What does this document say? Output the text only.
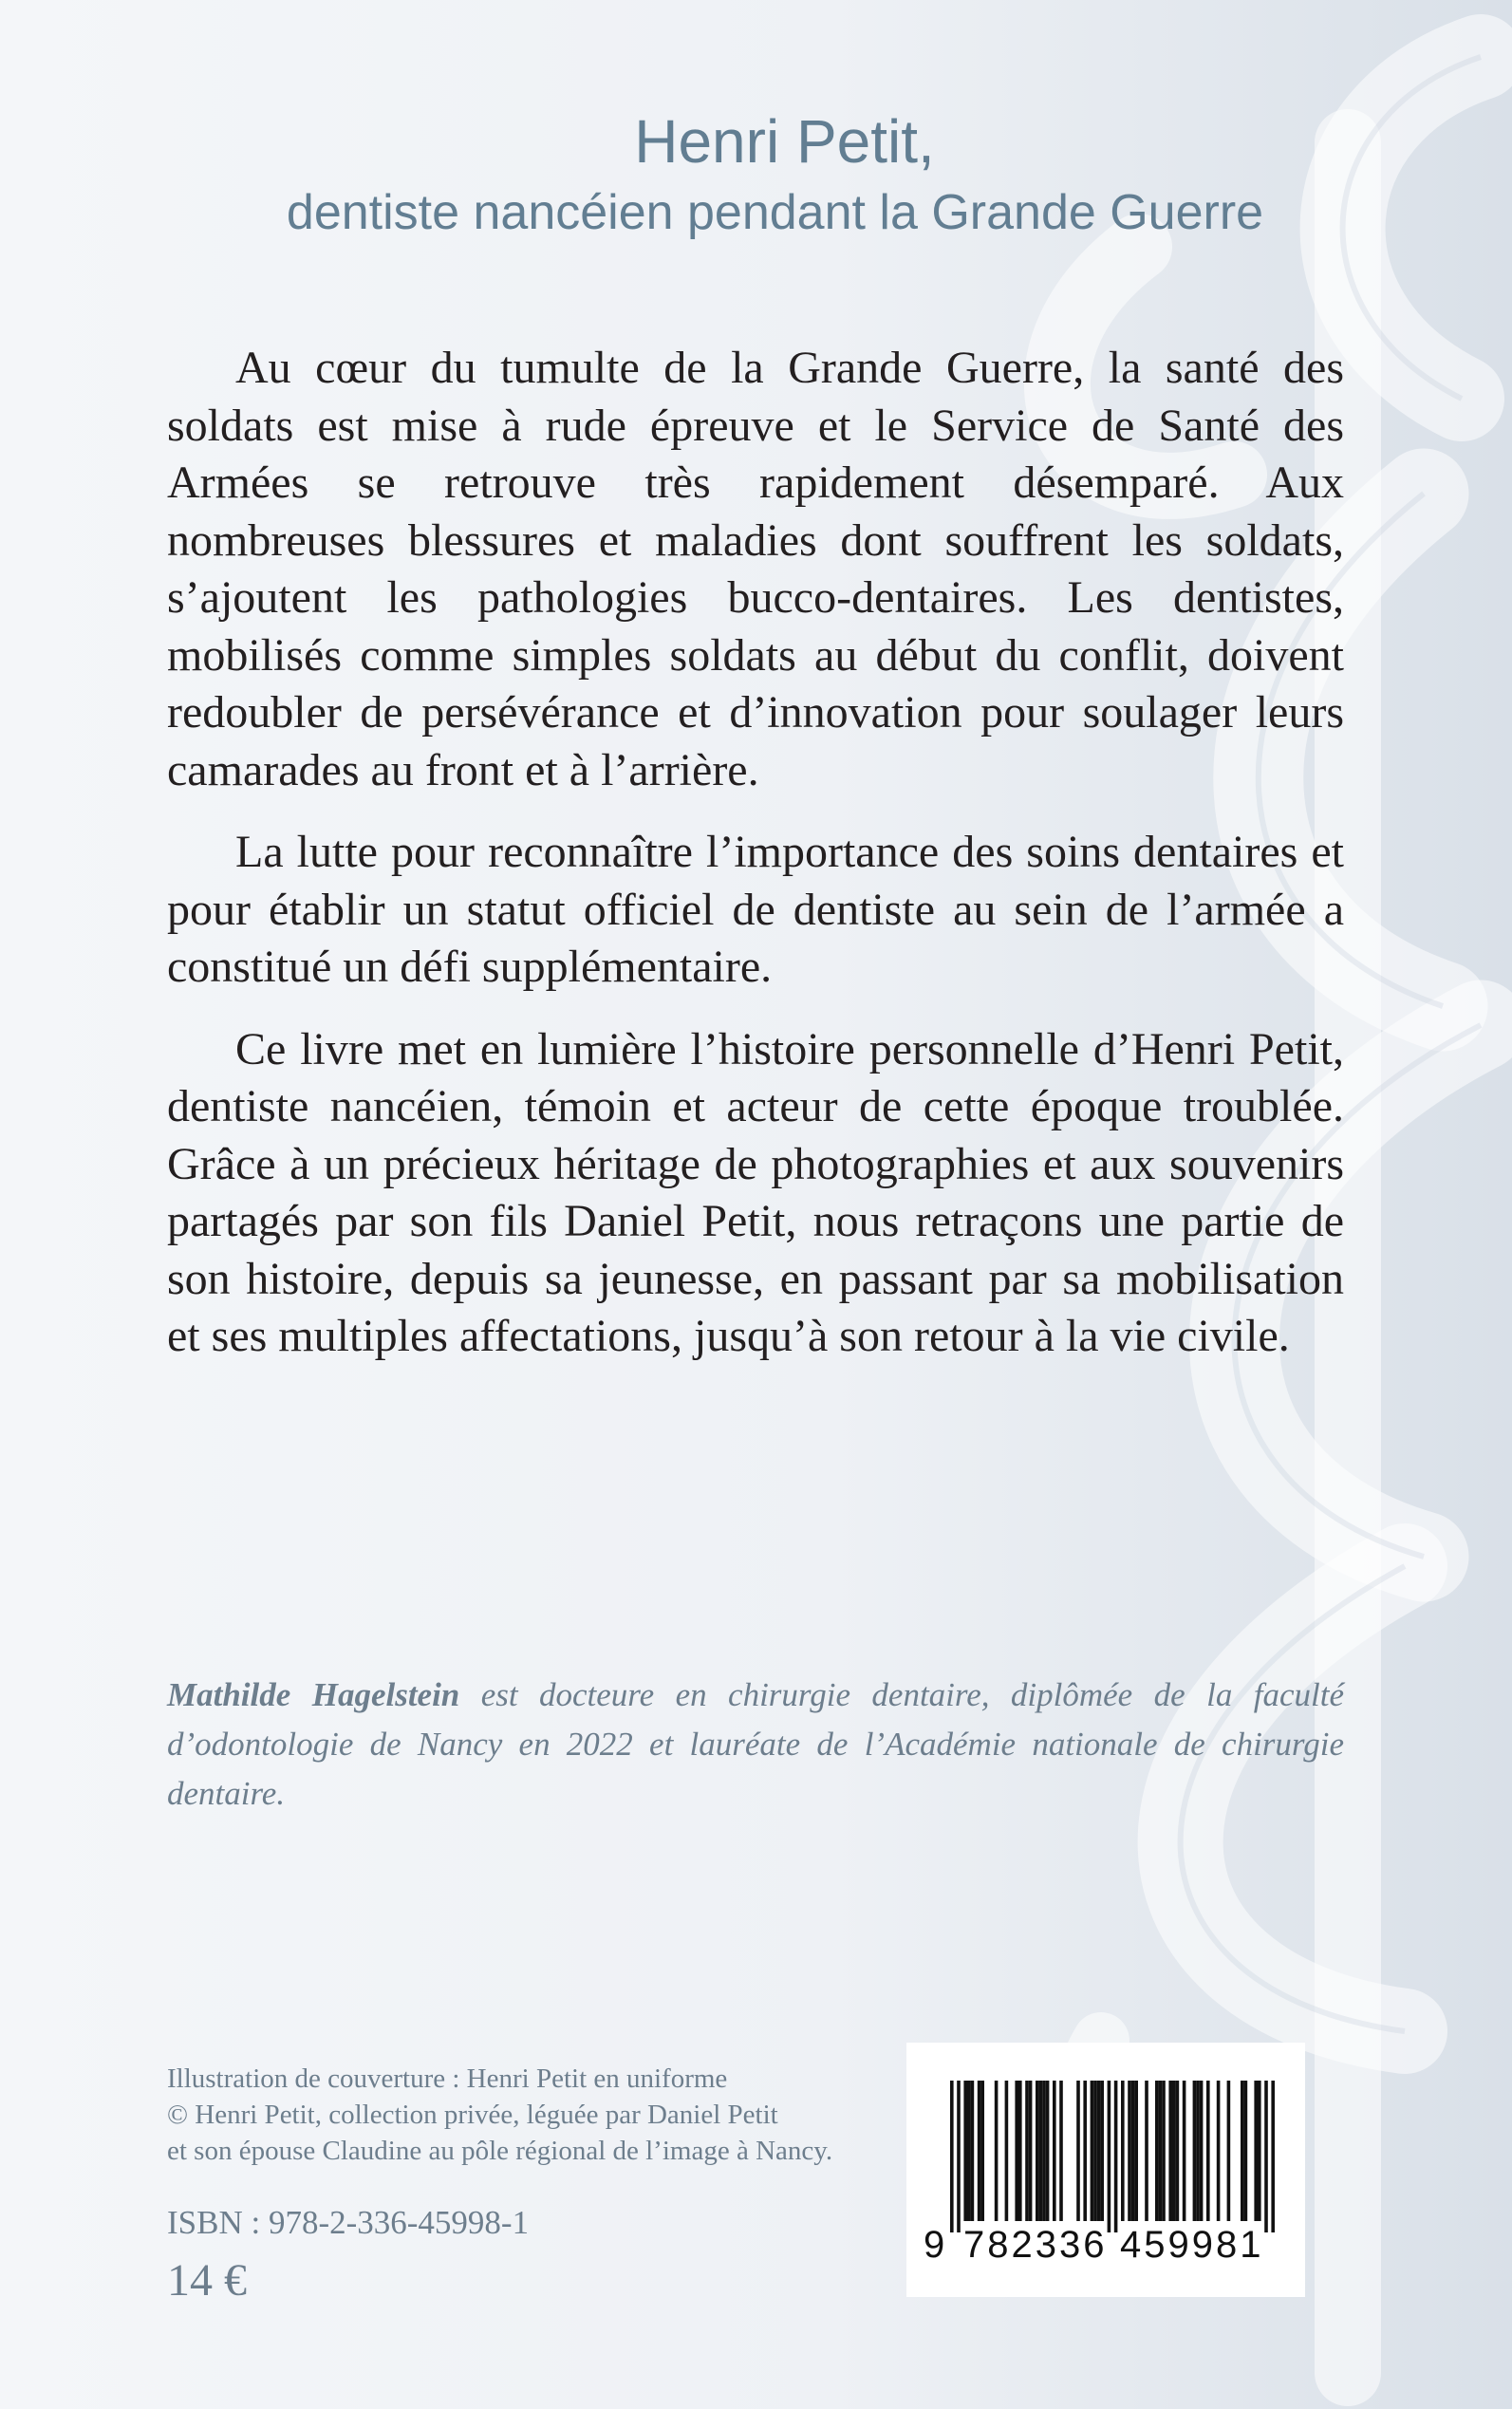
Henri Petit,
dentiste nancéien pendant la Grande Guerre

Au cœur du tumulte de la Grande Guerre, la santé des soldats est mise à rude épreuve et le Service de Santé des Armées se retrouve très rapidement désemparé. Aux nombreuses blessures et maladies dont souffrent les soldats, s’ajoutent les pathologies bucco-dentaires. Les dentistes, mobilisés comme simples soldats au début du conflit, doivent redoubler de persévérance et d’innovation pour soulager leurs camarades au front et à l’arrière.

La lutte pour reconnaître l’importance des soins dentaires et pour établir un statut officiel de dentiste au sein de l’armée a constitué un défi supplémentaire.

Ce livre met en lumière l’histoire personnelle d’Henri Petit, dentiste nancéien, témoin et acteur de cette époque troublée. Grâce à un précieux héritage de photographies et aux souvenirs partagés par son fils Daniel Petit, nous retraçons une partie de son histoire, depuis sa jeunesse, en passant par sa mobilisation et ses multiples affectations, jusqu’à son retour à la vie civile.

Mathilde Hagelstein est docteure en chirurgie dentaire, diplômée de la faculté d’odontologie de Nancy en 2022 et lauréate de l’Académie nationale de chirurgie dentaire.

Illustration de couverture : Henri Petit en uniforme
© Henri Petit, collection privée, léguée par Daniel Petit
et son épouse Claudine au pôle régional de l’image à Nancy.
ISBN : 978-2-336-45998-1
14 €
9 782336 459981
